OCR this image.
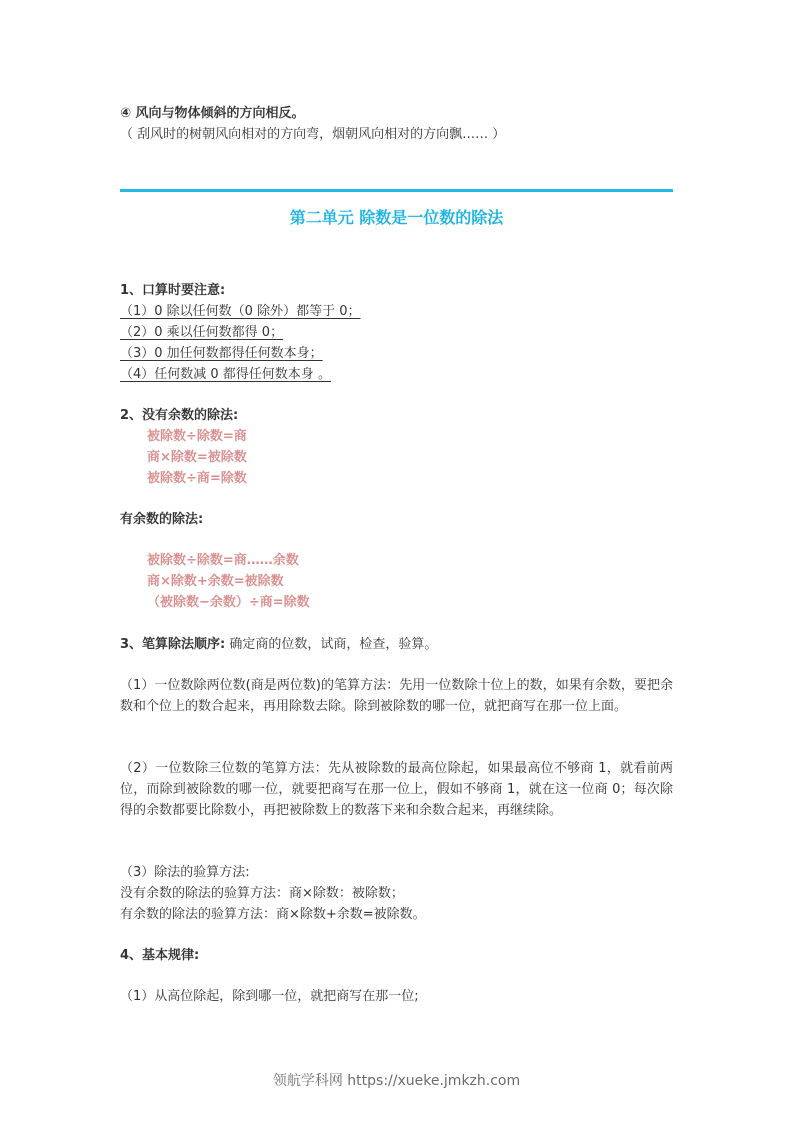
④ 风向与物体倾斜的方向相反。
（ 刮风时的树朝风向相对的方向弯，烟朝风向相对的方向飘…… ）
第二单元 除数是一位数的除法
1、口算时要注意:
（1）0 除以任何数（0 除外）都等于 0；
（2）0 乘以任何数都得 0；
（3）0 加任何数都得任何数本身；
（4）任何数减 0 都得任何数本身 。
2、没有余数的除法:
被除数÷除数=商
商×除数=被除数
被除数÷商=除数
有余数的除法:
被除数÷除数=商……余数
商×除数+余数=被除数
（被除数−余数）÷商=除数
3、笔算除法顺序: 确定商的位数，试商，检查，验算。
（1）一位数除两位数(商是两位数)的笔算方法：先用一位数除十位上的数，如果有余数，要把余数和个位上的数合起来，再用除数去除。除到被除数的哪一位，就把商写在那一位上面。
（2）一位数除三位数的笔算方法：先从被除数的最高位除起，如果最高位不够商 1，就看前两位，而除到被除数的哪一位，就要把商写在那一位上，假如不够商 1，就在这一位商 0；每次除得的余数都要比除数小，再把被除数上的数落下来和余数合起来，再继续除。
（3）除法的验算方法:
没有余数的除法的验算方法：商×除数：被除数；
有余数的除法的验算方法：商×除数+余数=被除数。
4、基本规律:
（1）从高位除起，除到哪一位，就把商写在那一位;
领航学科网 https://xueke.jmkzh.com
